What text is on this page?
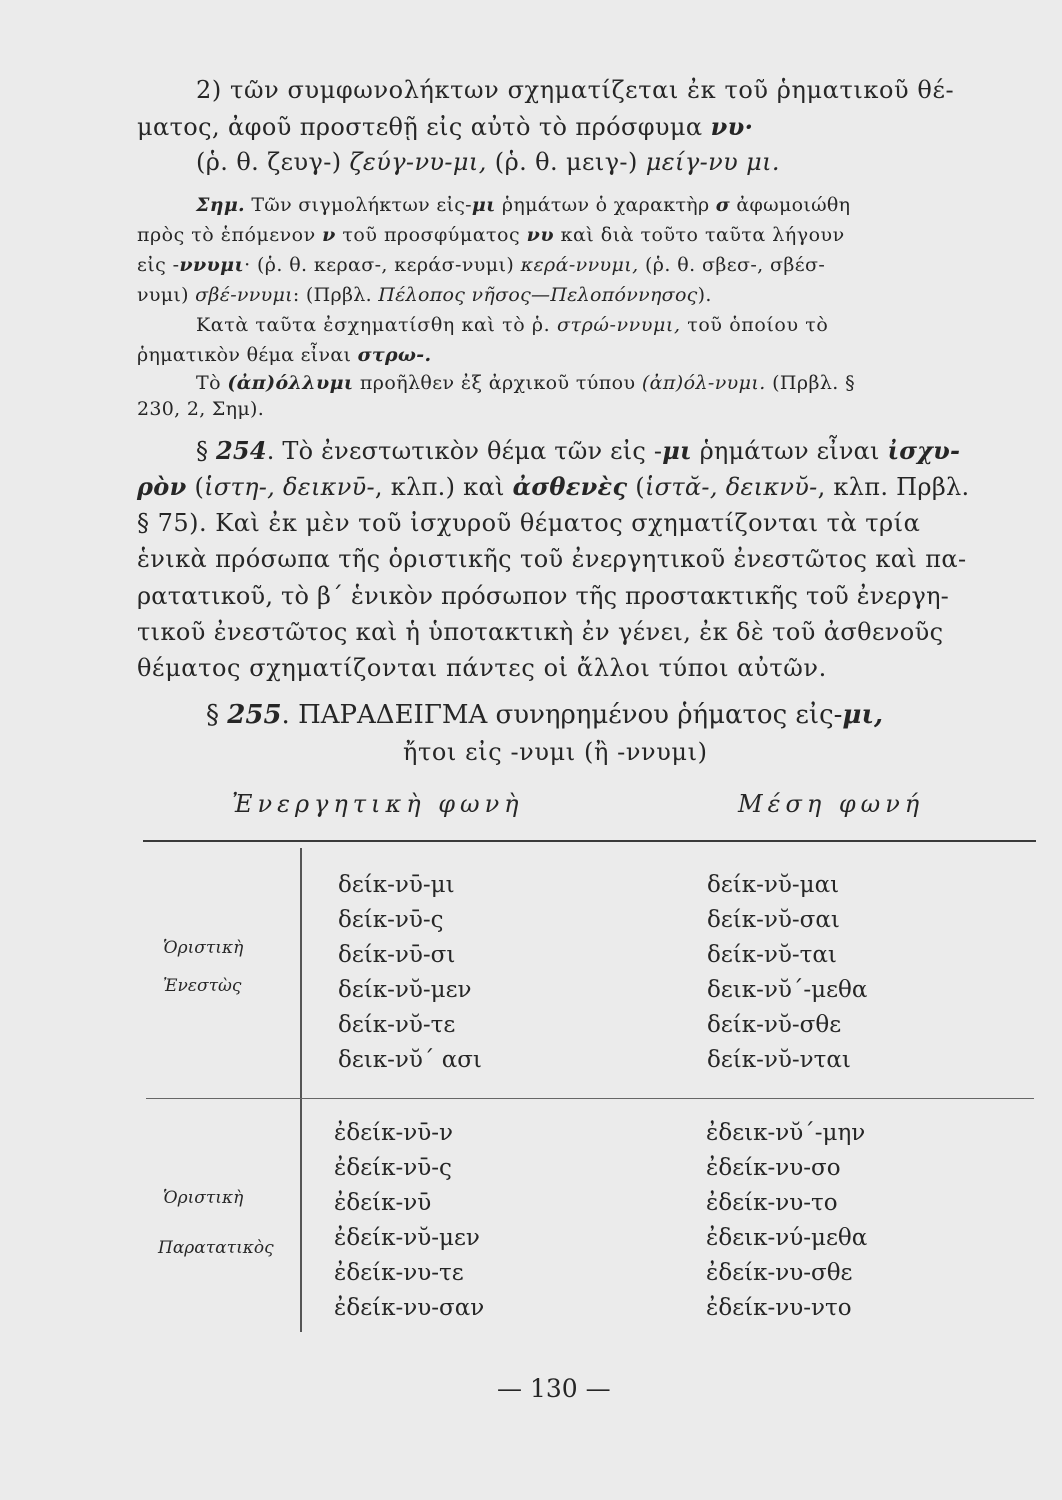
2) τῶν συμφωνολήκτων σχηματίζεται ἐκ τοῦ ῥηματικοῦ θέ-
ματος, ἀφοῦ προστεθῇ εἰς αὐτὸ τὸ πρόσφυμα νυ·
(ῥ. θ. ζευγ-) ζεύγ-νυ-μι, (ῥ. θ. μειγ-) μείγ-νυ μι.
Σημ. Τῶν σιγμολήκτων εἰς-μι ῥημάτων ὁ χαρακτὴρ σ ἀφωμοιώθη
πρὸς τὸ ἑπόμενον ν τοῦ προσφύματος νυ καὶ διὰ τοῦτο ταῦτα λήγουν
εἰς -ννυμι· (ῥ. θ. κερασ-, κεράσ-νυμι) κερά-ννυμι, (ῥ. θ. σβεσ-, σβέσ-
νυμι) σβέ-ννυμι: (Πρβλ. Πέλοπος νῆσος—Πελοπόννησος).
Κατὰ ταῦτα ἐσχηματίσθη καὶ τὸ ῥ. στρώ-ννυμι, τοῦ ὁποίου τὸ
ῥηματικὸν θέμα εἶναι στρω-.
Τὸ (ἀπ)όλλυμι προῆλθεν ἐξ ἀρχικοῦ τύπου (ἀπ)όλ-νυμι. (Πρβλ. §
230, 2, Σημ).
§ 254. Τὸ ἐνεστωτικὸν θέμα τῶν εἰς -μι ῥημάτων εἶναι ἰσχυ-
ρὸν (ἱστη-, δεικνῡ-, κλπ.) καὶ ἀσθενὲς (ἱστᾰ-, δεικνῠ-, κλπ. Πρβλ.
§ 75). Καὶ ἐκ μὲν τοῦ ἰσχυροῦ θέματος σχηματίζονται τὰ τρία
ἑνικὰ πρόσωπα τῆς ὁριστικῆς τοῦ ἐνεργητικοῦ ἐνεστῶτος καὶ πα-
ρατατικοῦ, τὸ β΄ ἑνικὸν πρόσωπον τῆς προστακτικῆς τοῦ ἐνεργη-
τικοῦ ἐνεστῶτος καὶ ἡ ὑποτακτικὴ ἐν γένει, ἐκ δὲ τοῦ ἀσθενοῦς
θέματος σχηματίζονται πάντες οἱ ἄλλοι τύποι αὐτῶν.
§ 255. ΠΑΡΑΔΕΙΓΜΑ συνηρημένου ῥήματος εἰς-μι,
ἤτοι εἰς -νυμι (ἢ -ννυμι)
Ἐνεργητικὴ φωνὴ	Μέση φωνή
Ὁριστικὴ
Ἐνεστὼς
δείκ-νῡ-μι
δείκ-νῡ-ς
δείκ-νῡ-σι
δείκ-νῠ-μεν
δείκ-νῠ-τε
δεικ-νῠ΄ ασι
δείκ-νῠ-μαι
δείκ-νῠ-σαι
δείκ-νῠ-ται
δεικ-νῠ΄-μεθα
δείκ-νῠ-σθε
δείκ-νῠ-νται
Ὁριστικὴ
Παρατατικὸς
ἐδείκ-νῡ-ν
ἐδείκ-νῡ-ς
ἐδείκ-νῡ
ἐδείκ-νῠ-μεν
ἐδείκ-νυ-τε
ἐδείκ-νυ-σαν
ἐδεικ-νῠ΄-μην
ἐδείκ-νυ-σο
ἐδείκ-νυ-το
ἐδεικ-νύ-μεθα
ἐδείκ-νυ-σθε
ἐδείκ-νυ-ντο
— 130 —
